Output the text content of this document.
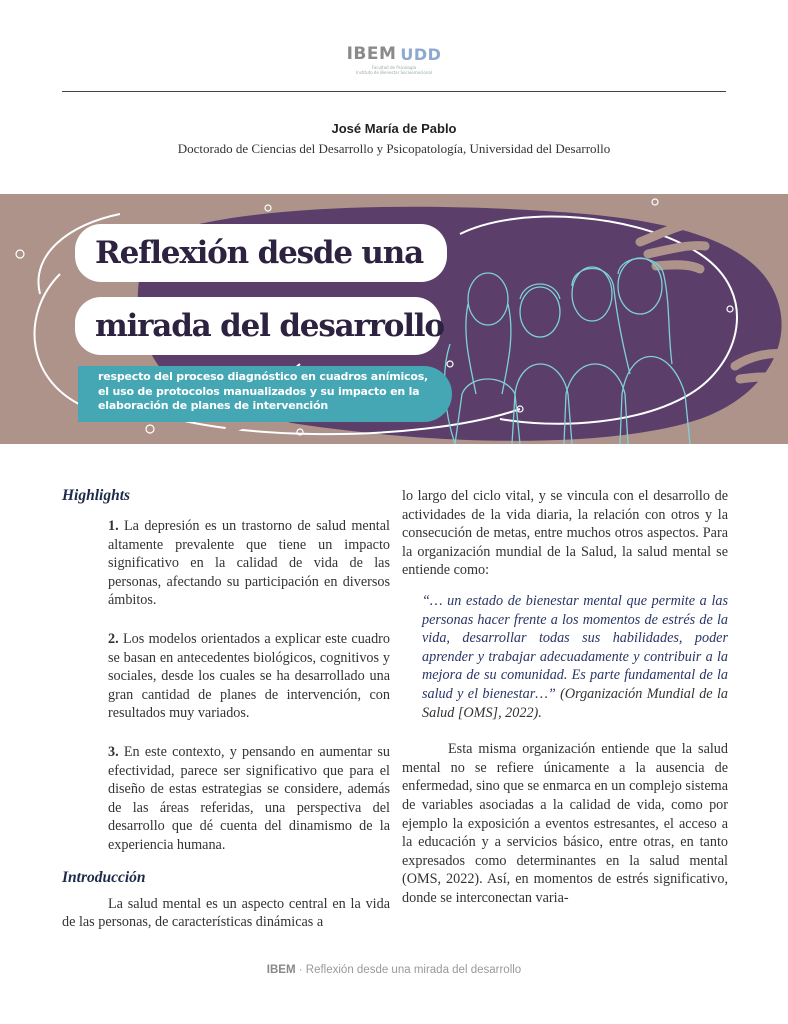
IBEM UDD
Facultad de Psicología
Instituto de Bienestar Socioemocional
José María de Pablo
Doctorado de Ciencias del Desarrollo y Psicopatología, Universidad del Desarrollo
Reflexión desde una
mirada del desarrollo
respecto del proceso diagnóstico en cuadros anímicos,
el uso de protocolos manualizados y su impacto en la
elaboración de planes de intervención
Highlights

1. La depresión es un trastorno de salud mental altamente prevalente que tiene un impacto significativo en la calidad de vida de las personas, afectando su participación en diversos ámbitos.

2. Los modelos orientados a explicar este cuadro se basan en antecedentes biológicos, cognitivos y sociales, desde los cuales se ha desarrollado una gran cantidad de planes de intervención, con resultados muy variados.

3. En este contexto, y pensando en aumentar su efectividad, parece ser significativo que para el diseño de estas estrategias se considere, además de las áreas referidas, una perspectiva del desarrollo que dé cuenta del dinamismo de la experiencia humana.

Introducción

La salud mental es un aspecto central en la vida de las personas, de características dinámicas a

lo largo del ciclo vital, y se vincula con el desarrollo de actividades de la vida diaria, la relación con otros y la consecución de metas, entre muchos otros aspectos. Para la organización mundial de la Salud, la salud mental se entiende como:

“… un estado de bienestar mental que permite a las personas hacer frente a los momentos de estrés de la vida, desarrollar todas sus habilidades, poder aprender y trabajar adecuadamente y contribuir a la mejora de su comunidad. Es parte fundamental de la salud y el bienestar…” (Organización Mundial de la Salud [OMS], 2022).

Esta misma organización entiende que la salud mental no se refiere únicamente a la ausencia de enfermedad, sino que se enmarca en un complejo sistema de variables asociadas a la calidad de vida, como por ejemplo la exposición a eventos estresantes, el acceso a la educación y a servicios básico, entre otras, en tanto expresados como determinantes en la salud mental (OMS, 2022). Así, en momentos de estrés significativo, donde se interconectan varia-

IBEM · Reflexión desde una mirada del desarrollo
